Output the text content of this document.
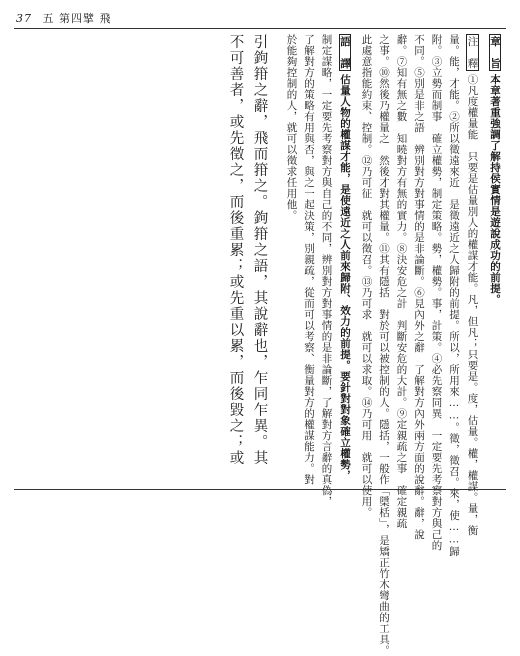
37 五 第四擘 飛
章　旨本章著重強調了解持侯實情是遊說成功的前提。
注　釋①凡度權量能　只要是估量別人的權謀才能。凡，但凡；只要是。度，估量。權，權謀。量，衡
量。能，才能。②所以徵遠來近　是徵遠近之人歸附的前提。所以，所用來……。徵，徵召。來，使……歸
附。③立勢而制事　確立權勢，制定策略。勢，權勢。事，計策。④必先察同異　一定要先考察對方與己的
不同。⑤別是非之語　辨別對方對事情的是非論斷。⑥見內外之辭　了解對方內外兩方面的說辭。辭，說
辭。⑦知有無之數　知曉對方有無的實力。⑧決安危之計　判斷安危的大計。⑨定親疏之事　確定親疏
之事。⑩然後乃權量之　然後才對其權量。⑪其有隱括　對於可以被控制的人。隱括，一般作「檃栝」，是矯正竹木彎曲的工具。
此處意指能約束、控制。⑫乃可征　就可以徵召。⑬乃可求　就可以求取。⑭乃可用　就可以使用。
語　譯估量人物的權謀才能，是使遠近之人前來歸附、效力的前提。要針對對象確立權勢，
制定謀略，一定要先考察對方與自己的不同，辨別對方對事情的是非論斷，了解對方言辭的真偽，
了解對方的策略有用與否，與之一起決策，別親疏，從而可以考察、衡量對方的權謀能力。對
於能夠控制的人，就可以徵求任用他。
引鉤箝之辭，飛而箝之。鉤箝之語，其說辭也，乍同乍異。其
不可善者，或先徵之，而後重累；或先重以累，而後毀之；或
